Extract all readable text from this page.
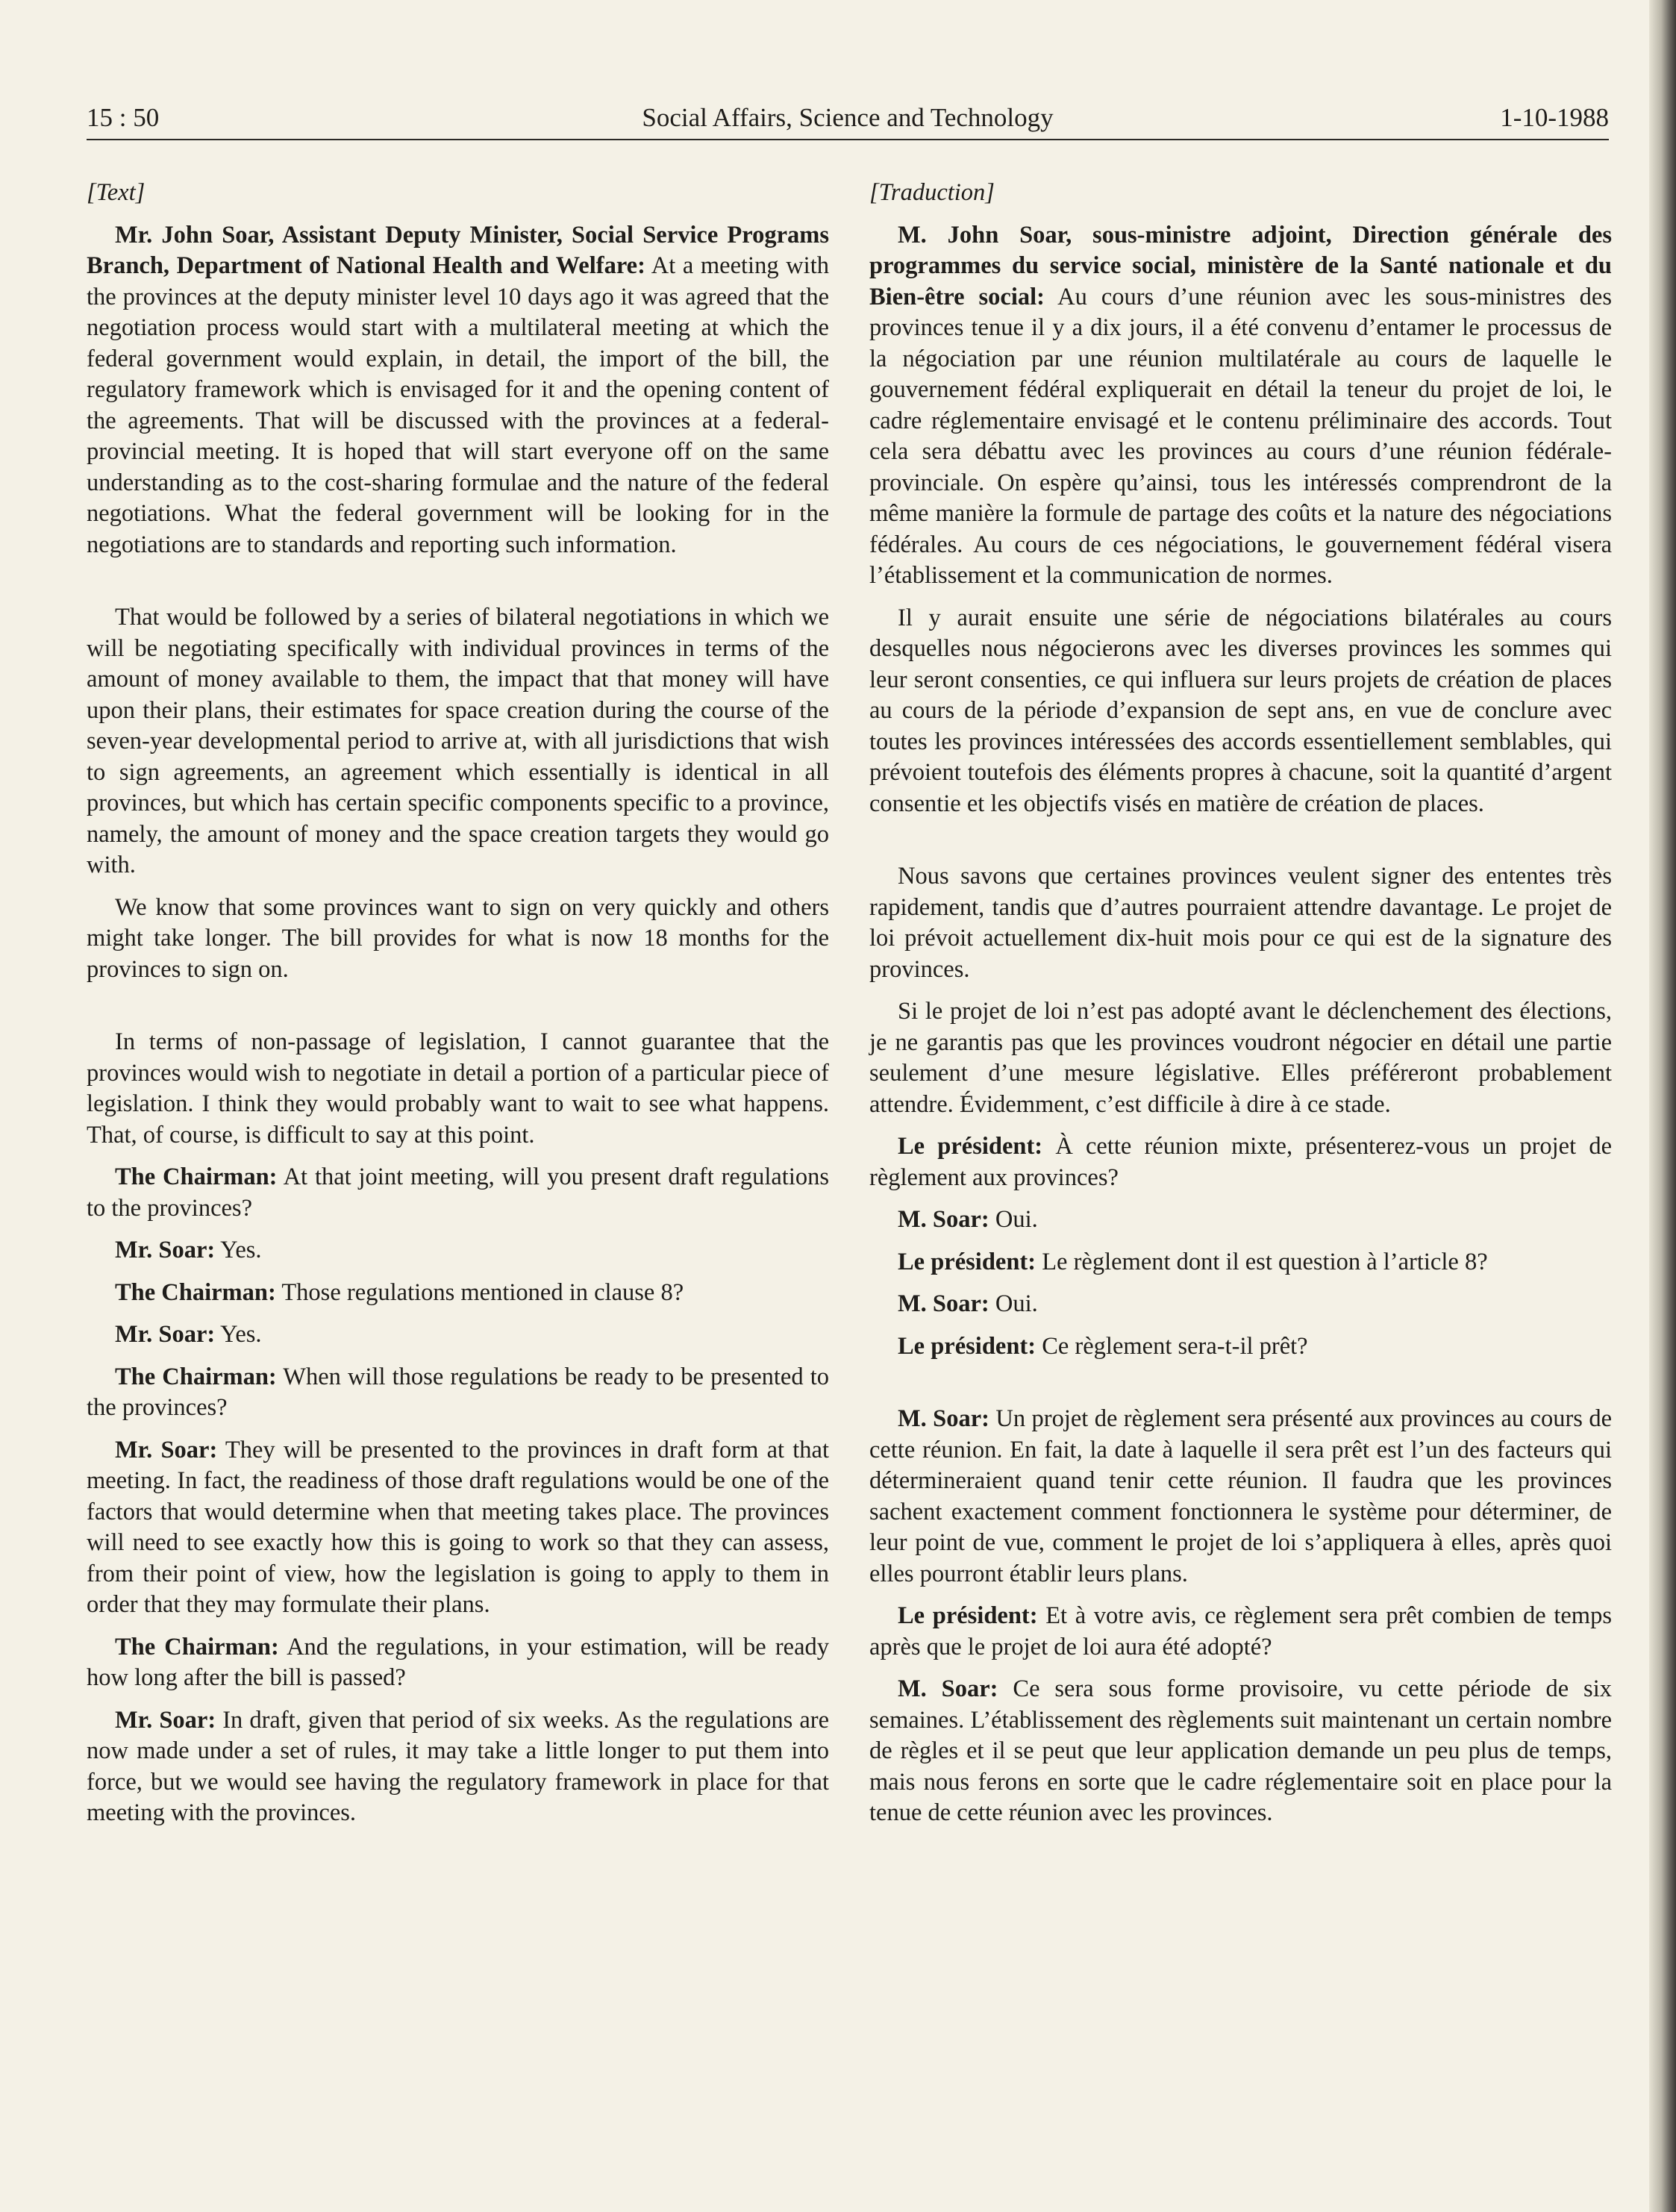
15 : 50	Social Affairs, Science and Technology	1-10-1988

[Text]

Mr. John Soar, Assistant Deputy Minister, Social Service Programs Branch, Department of National Health and Welfare: At a meeting with the provinces at the deputy minister level 10 days ago it was agreed that the negotiation process would start with a multilateral meeting at which the federal government would explain, in detail, the import of the bill, the regulatory framework which is envisaged for it and the opening content of the agreements. That will be discussed with the provinces at a federal-provincial meeting. It is hoped that will start everyone off on the same understanding as to the cost-sharing formulae and the nature of the federal negotiations. What the federal government will be looking for in the negotiations are to standards and reporting such information.

That would be followed by a series of bilateral negotiations in which we will be negotiating specifically with individual provinces in terms of the amount of money available to them, the impact that that money will have upon their plans, their estimates for space creation during the course of the seven-year developmental period to arrive at, with all jurisdictions that wish to sign agreements, an agreement which essentially is identical in all provinces, but which has certain specific components specific to a province, namely, the amount of money and the space creation targets they would go with.

We know that some provinces want to sign on very quickly and others might take longer. The bill provides for what is now 18 months for the provinces to sign on.

In terms of non-passage of legislation, I cannot guarantee that the provinces would wish to negotiate in detail a portion of a particular piece of legislation. I think they would probably want to wait to see what happens. That, of course, is difficult to say at this point.

The Chairman: At that joint meeting, will you present draft regulations to the provinces?

Mr. Soar: Yes.

The Chairman: Those regulations mentioned in clause 8?

Mr. Soar: Yes.

The Chairman: When will those regulations be ready to be presented to the provinces?

Mr. Soar: They will be presented to the provinces in draft form at that meeting. In fact, the readiness of those draft regulations would be one of the factors that would determine when that meeting takes place. The provinces will need to see exactly how this is going to work so that they can assess, from their point of view, how the legislation is going to apply to them in order that they may formulate their plans.

The Chairman: And the regulations, in your estimation, will be ready how long after the bill is passed?

Mr. Soar: In draft, given that period of six weeks. As the regulations are now made under a set of rules, it may take a little longer to put them into force, but we would see having the regulatory framework in place for that meeting with the provinces.

[Traduction]

M. John Soar, sous-ministre adjoint, Direction générale des programmes du service social, ministère de la Santé nationale et du Bien-être social: Au cours d’une réunion avec les sous-ministres des provinces tenue il y a dix jours, il a été convenu d’entamer le processus de la négociation par une réunion multilatérale au cours de laquelle le gouvernement fédéral expliquerait en détail la teneur du projet de loi, le cadre réglementaire envisagé et le contenu préliminaire des accords. Tout cela sera débattu avec les provinces au cours d’une réunion fédérale-provinciale. On espère qu’ainsi, tous les intéressés comprendront de la même manière la formule de partage des coûts et la nature des négociations fédérales. Au cours de ces négociations, le gouvernement fédéral visera l’établissement et la communication de normes.

Il y aurait ensuite une série de négociations bilatérales au cours desquelles nous négocierons avec les diverses provinces les sommes qui leur seront consenties, ce qui influera sur leurs projets de création de places au cours de la période d’expansion de sept ans, en vue de conclure avec toutes les provinces intéressées des accords essentiellement semblables, qui prévoient toutefois des éléments propres à chacune, soit la quantité d’argent consentie et les objectifs visés en matière de création de places.

Nous savons que certaines provinces veulent signer des ententes très rapidement, tandis que d’autres pourraient attendre davantage. Le projet de loi prévoit actuellement dix-huit mois pour ce qui est de la signature des provinces.

Si le projet de loi n’est pas adopté avant le déclenchement des élections, je ne garantis pas que les provinces voudront négocier en détail une partie seulement d’une mesure législative. Elles préféreront probablement attendre. Évidemment, c’est difficile à dire à ce stade.

Le président: À cette réunion mixte, présenterez-vous un projet de règlement aux provinces?

M. Soar: Oui.

Le président: Le règlement dont il est question à l’article 8?

M. Soar: Oui.

Le président: Ce règlement sera-t-il prêt?

M. Soar: Un projet de règlement sera présenté aux provinces au cours de cette réunion. En fait, la date à laquelle il sera prêt est l’un des facteurs qui détermineraient quand tenir cette réunion. Il faudra que les provinces sachent exactement comment fonctionnera le système pour déterminer, de leur point de vue, comment le projet de loi s’appliquera à elles, après quoi elles pourront établir leurs plans.

Le président: Et à votre avis, ce règlement sera prêt combien de temps après que le projet de loi aura été adopté?

M. Soar: Ce sera sous forme provisoire, vu cette période de six semaines. L’établissement des règlements suit maintenant un certain nombre de règles et il se peut que leur application demande un peu plus de temps, mais nous ferons en sorte que le cadre réglementaire soit en place pour la tenue de cette réunion avec les provinces.
